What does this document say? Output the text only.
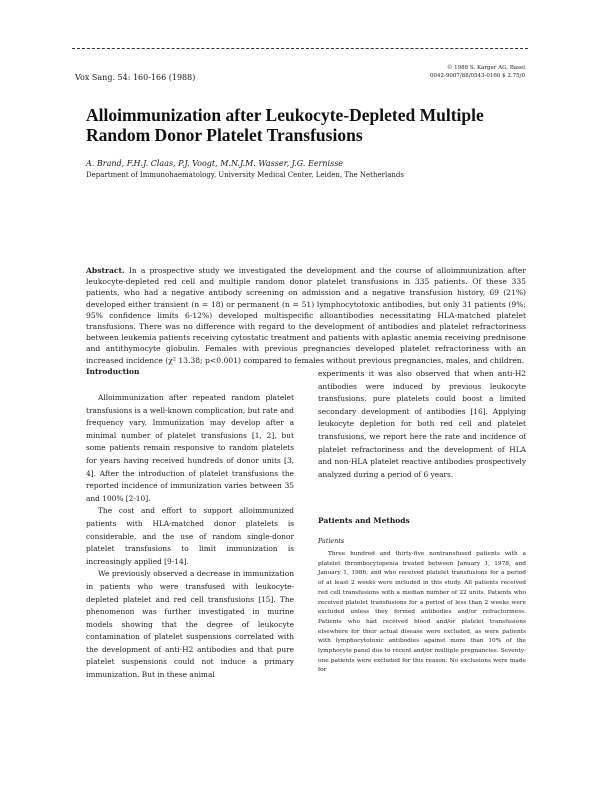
Vox Sang. 54: 160-166 (1988)
© 1988 S. Karger AG, Basel
0042-9007/88/0543-0160 $ 2.75/0
Alloimmunization after Leukocyte-Depleted Multiple Random Donor Platelet Transfusions
A. Brand, F.H.J. Claas, P.J. Voogt, M.N.J.M. Wasser, J.G. Eernisse
Department of Immunohaematology, University Medical Center, Leiden, The Netherlands

Abstract. In a prospective study we investigated the development and the course of alloimmunization after leukocyte-depleted red cell and multiple random donor platelet transfusions in 335 patients. Of these 335 patients, who had a negative antibody screening on admission and a negative transfusion history, 69 (21%) developed either transient (n = 18) or permanent (n = 51) lymphocytotoxic antibodies, but only 31 patients (9%; 95% confidence limits 6-12%) developed multispecific alloantibodies necessitating HLA-matched platelet transfusions. There was no difference with regard to the development of antibodies and platelet refractoriness between leukemia patients receiving cytostatic treatment and patients with aplastic anemia receiving prednisone and antithymocyte globulin. Females with previous pregnancies developed platelet refractoriness with an increased incidence (χ² 13.38; p<0.001) compared to females without previous pregnancies, males, and children.

Introduction

Alloimmunization after repeated random platelet transfusions is a well-known complication, but rate and frequency vary. Immunization may develop after a minimal number of platelet transfusions [1, 2], but some patients remain responsive to random platelets for years having received hundreds of donor units [3, 4]. After the introduction of platelet transfusions the reported incidence of immunization varies between 35 and 100% [2-10].

The cost and effort to support alloimmunized patients with HLA-matched donor platelets is considerable, and the use of random single-donor platelet transfusions to limit immunization is increasingly applied [9-14].

We previously observed a decrease in immunization in patients who were transfused with leukocyte-depleted platelet and red cell transfusions [15]. The phenomenon was further investigated in murine models showing that the degree of leukocyte contamination of platelet suspensions correlated with the development of anti-H2 antibodies and that pure platelet suspensions could not induce a primary immunization. But in these animal

experiments it was also observed that when anti-H2 antibodies were induced by previous leukocyte transfusions, pure platelets could boost a limited secondary development of antibodies [16]. Applying leukocyte depletion for both red cell and platelet transfusions, we report here the rate and incidence of platelet refractoriness and the development of HLA and non-HLA platelet reactive antibodies prospectively analyzed during a period of 6 years.

Patients and Methods
Patients

Three hundred and thirty-five nontransfused patients with a platelet thrombocytopenia treated between January 1, 1978, and January 1, 1986, and who received platelet transfusions for a period of at least 2 weeks were included in this study. All patients received red cell transfusions with a median number of 22 units. Patients who received platelet transfusions for a period of less than 2 weeks were excluded unless they formed antibodies and/or refractoriness. Patients who had received blood and/or platelet transfusions elsewhere for their actual disease were excluded, as were patients with lymphocytotoxic antibodies against more than 10% of the lymphocyte panel due to recent and/or multiple pregnancies. Seventy-one patients were excluded for this reason. No exclusions were made for
